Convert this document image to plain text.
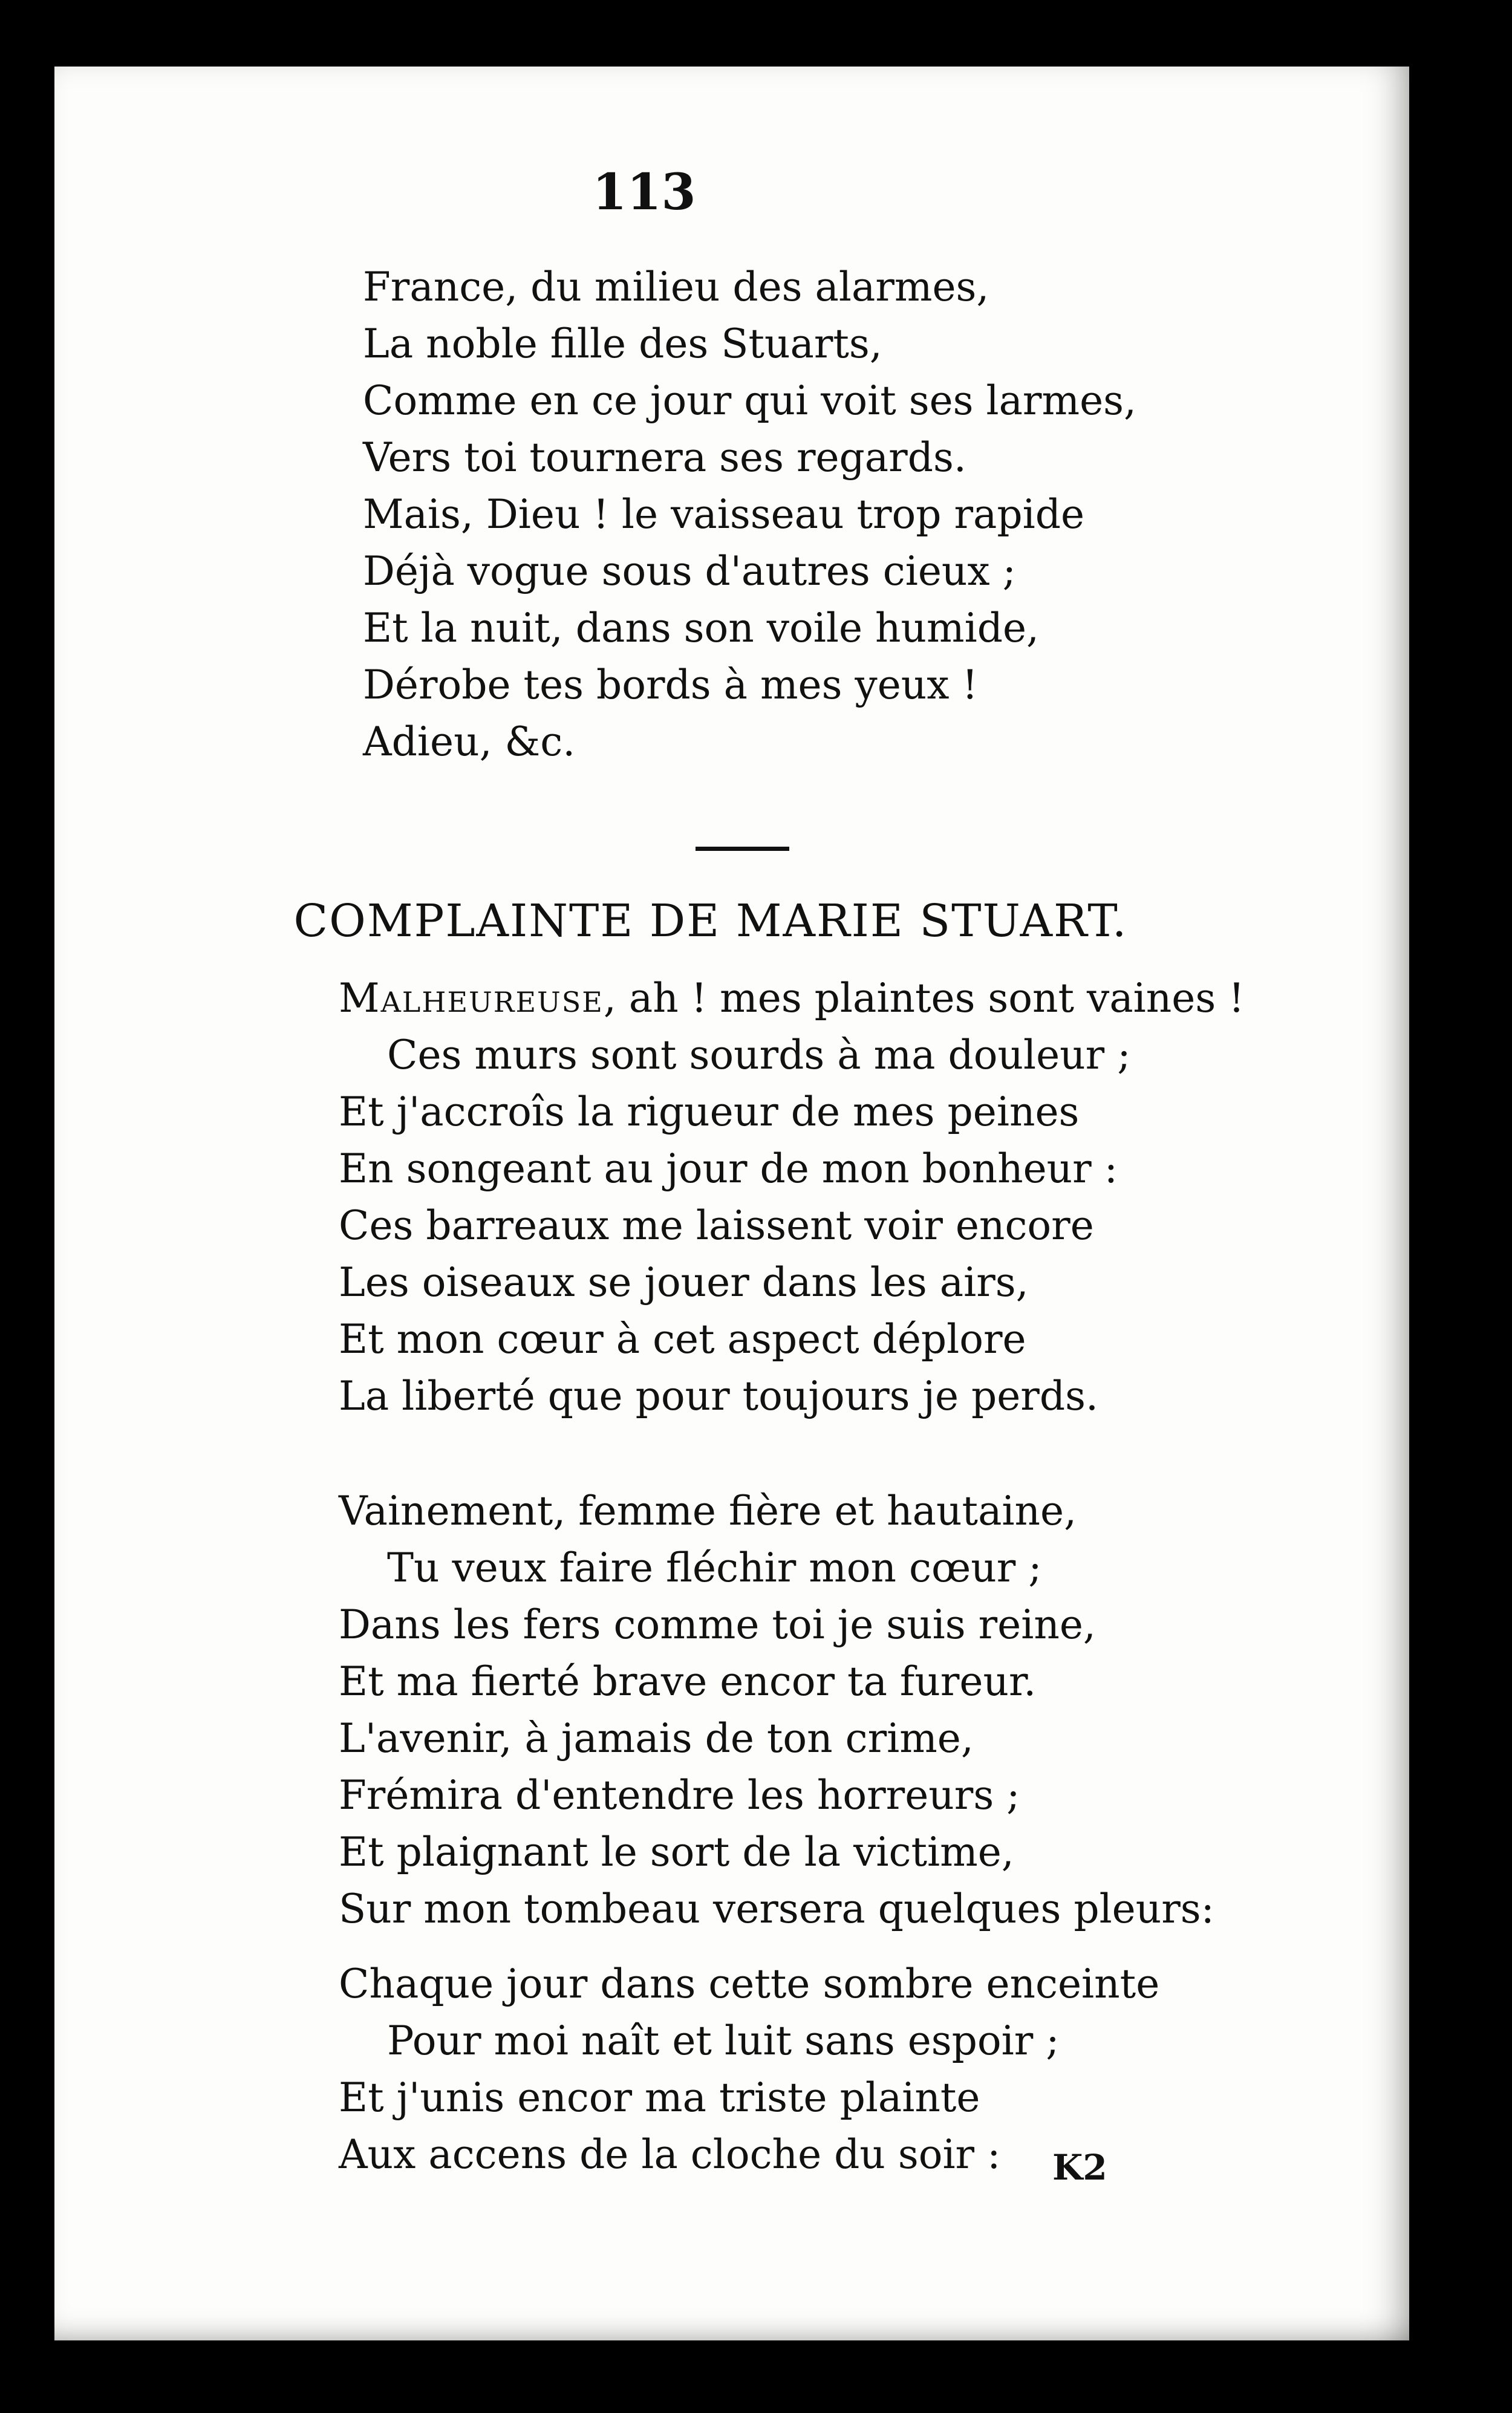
113
France, du milieu des alarmes,
La noble fille des Stuarts,
Comme en ce jour qui voit ses larmes,
Vers toi tournera ses regards.
Mais, Dieu ! le vaisseau trop rapide
Déjà vogue sous d'autres cieux ;
Et la nuit, dans son voile humide,
Dérobe tes bords à mes yeux !
Adieu, &c.
COMPLAINTE DE MARIE STUART.
Malheureuse, ah ! mes plaintes sont vaines !
Ces murs sont sourds à ma douleur ;
Et j'accroîs la rigueur de mes peines
En songeant au jour de mon bonheur :
Ces barreaux me laissent voir encore
Les oiseaux se jouer dans les airs,
Et mon cœur à cet aspect déplore
La liberté que pour toujours je perds.
Vainement, femme fière et hautaine,
Tu veux faire fléchir mon cœur ;
Dans les fers comme toi je suis reine,
Et ma fierté brave encor ta fureur.
L'avenir, à jamais de ton crime,
Frémira d'entendre les horreurs ;
Et plaignant le sort de la victime,
Sur mon tombeau versera quelques pleurs:
Chaque jour dans cette sombre enceinte
Pour moi naît et luit sans espoir ;
Et j'unis encor ma triste plainte
Aux accens de la cloche du soir :	K2
